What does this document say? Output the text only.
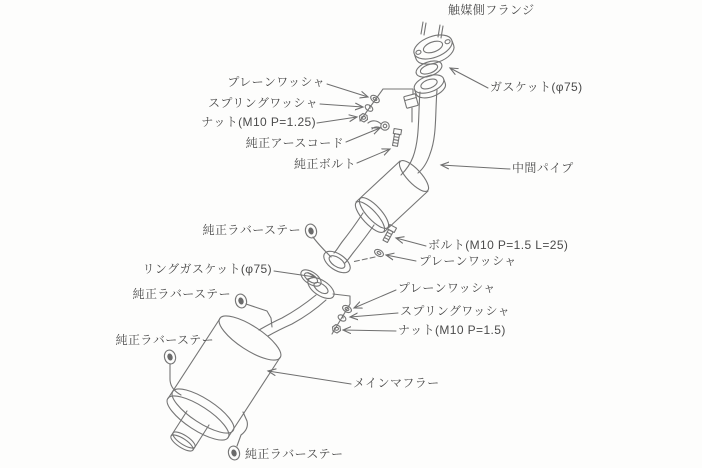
触媒側フランジ
プレーンワッシャ
スプリングワッシャ
ナット(M10 P=1.25)
純正アースコード
純正ボルト
ガスケット(φ75)
中間パイプ
純正ラバーステー
ボルト(M10 P=1.5 L=25)
プレーンワッシャ
リングガスケット(φ75)
純正ラバーステー	プレーンワッシャ
スプリングワッシャ
ナット(M10 P=1.5)
純正ラバーステー
メインマフラー
純正ラバーステー
